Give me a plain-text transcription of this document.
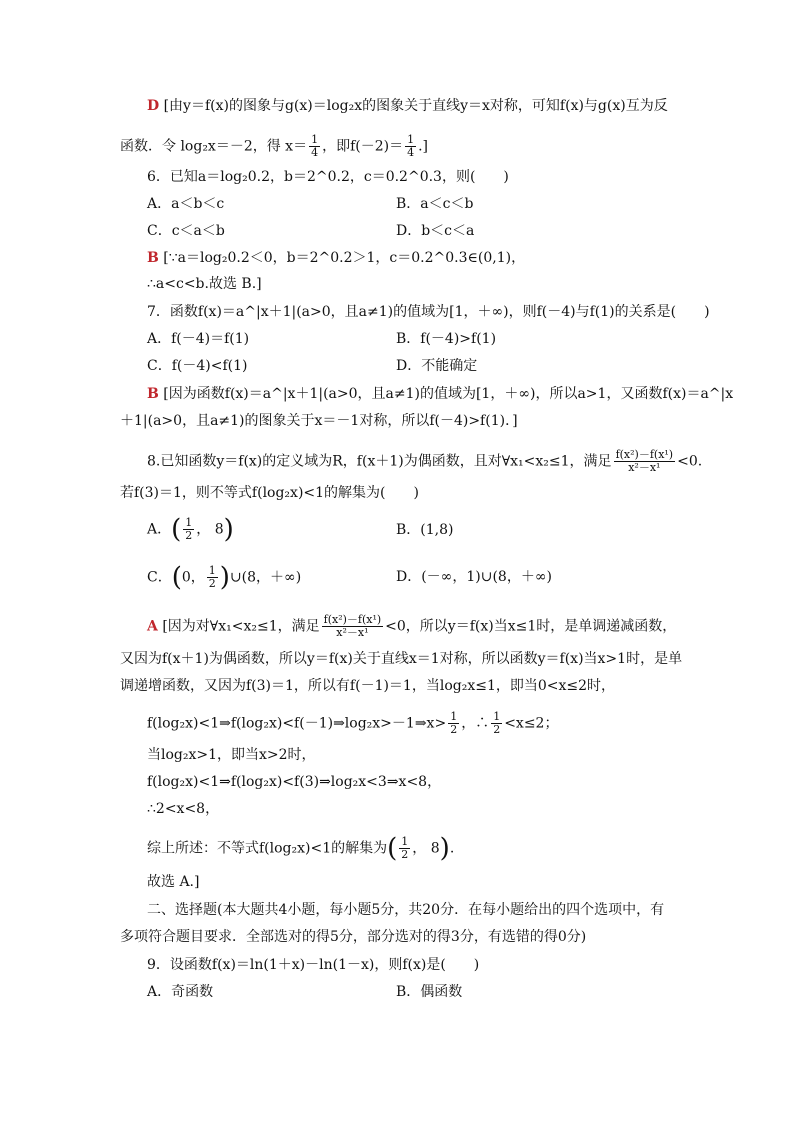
D [由y＝f(x)的图象与g(x)＝log₂x的图象关于直线y＝x对称，可知f(x)与g(x)互为反
函数．令 log₂x＝－2，得 $x= \frac{1}{4}$ ，即$f(-2)= \frac{1}{4}$ .]
6．已知a＝log₂0.2，b＝2^0.2，c＝0.2^0.3，则(　　)
A．a＜b＜c	B．a＜c＜b
C．c＜a＜b	D．b＜c＜a
B [∵a＝log₂0.2＜0，b＝2^0.2＞1，c＝0.2^0.3∈(0,1)，
∴a<c<b.故选 B.]
7．函数f(x)＝a^|x＋1|(a>0，且a≠1)的值域为[1，＋∞)，则f(－4)与f(1)的关系是(　　)
A．f(－4)＝f(1)	B．f(－4)>f(1)
C．f(－4)<f(1)	D．不能确定
B [因为函数f(x)＝a^|x＋1|(a>0，且a≠1)的值域为[1，＋∞)，所以a>1，又函数f(x)＝a^|x
＋1|(a>0，且a≠1)的图象关于x＝－1对称，所以f(－4)>f(1)．]
8.已知函数y＝f(x)的定义域为R，f(x＋1)为偶函数，且对∀x₁<x₂≤1，满足 $\frac{\text{f(x²)－f(x¹)}}{\text{x²－x¹}} <0$.
若f(3)＝1，则不等式f(log₂x)<1的解集为(　　)
A．( $\frac{1}{2}$ ， 8)	B．(1,8)
C．(0， $\frac{1}{2}$ )∪(8，＋∞)	D．(－∞，1)∪(8，＋∞)
A [因为对∀x₁<x₂≤1，满足 $\frac{\text{f(x²)－f(x¹)}}{\text{x²－x¹}} <0$，所以y＝f(x)当x≤1时，是单调递减函数，
又因为f(x＋1)为偶函数，所以y＝f(x)关于直线x＝1对称，所以函数y＝f(x)当x>1时，是单
调递增函数，又因为f(3)＝1，所以有f(－1)＝1，当log₂x≤1，即当0<x≤2时，
f(log₂x)<1⇒f(log₂x)<f(－1)⇒log₂x>－1⇒x> $\frac{1}{2}$ ，∴ $\frac{1}{2} <x\le 2$；
当log₂x>1，即当x>2时，
f(log₂x)<1⇒f(log₂x)<f(3)⇒log₂x<3⇒x<8，
∴2<x<8，
综上所述：不等式f(log₂x)<1的解集为( $\frac{1}{2}$ ， 8).
故选 A.]
二、选择题(本大题共4小题，每小题5分，共20分．在每小题给出的四个选项中，有
多项符合题目要求．全部选对的得5分，部分选对的得3分，有选错的得0分)
9．设函数f(x)＝ln(1＋x)－ln(1－x)，则f(x)是(　　)
A．奇函数	B．偶函数
